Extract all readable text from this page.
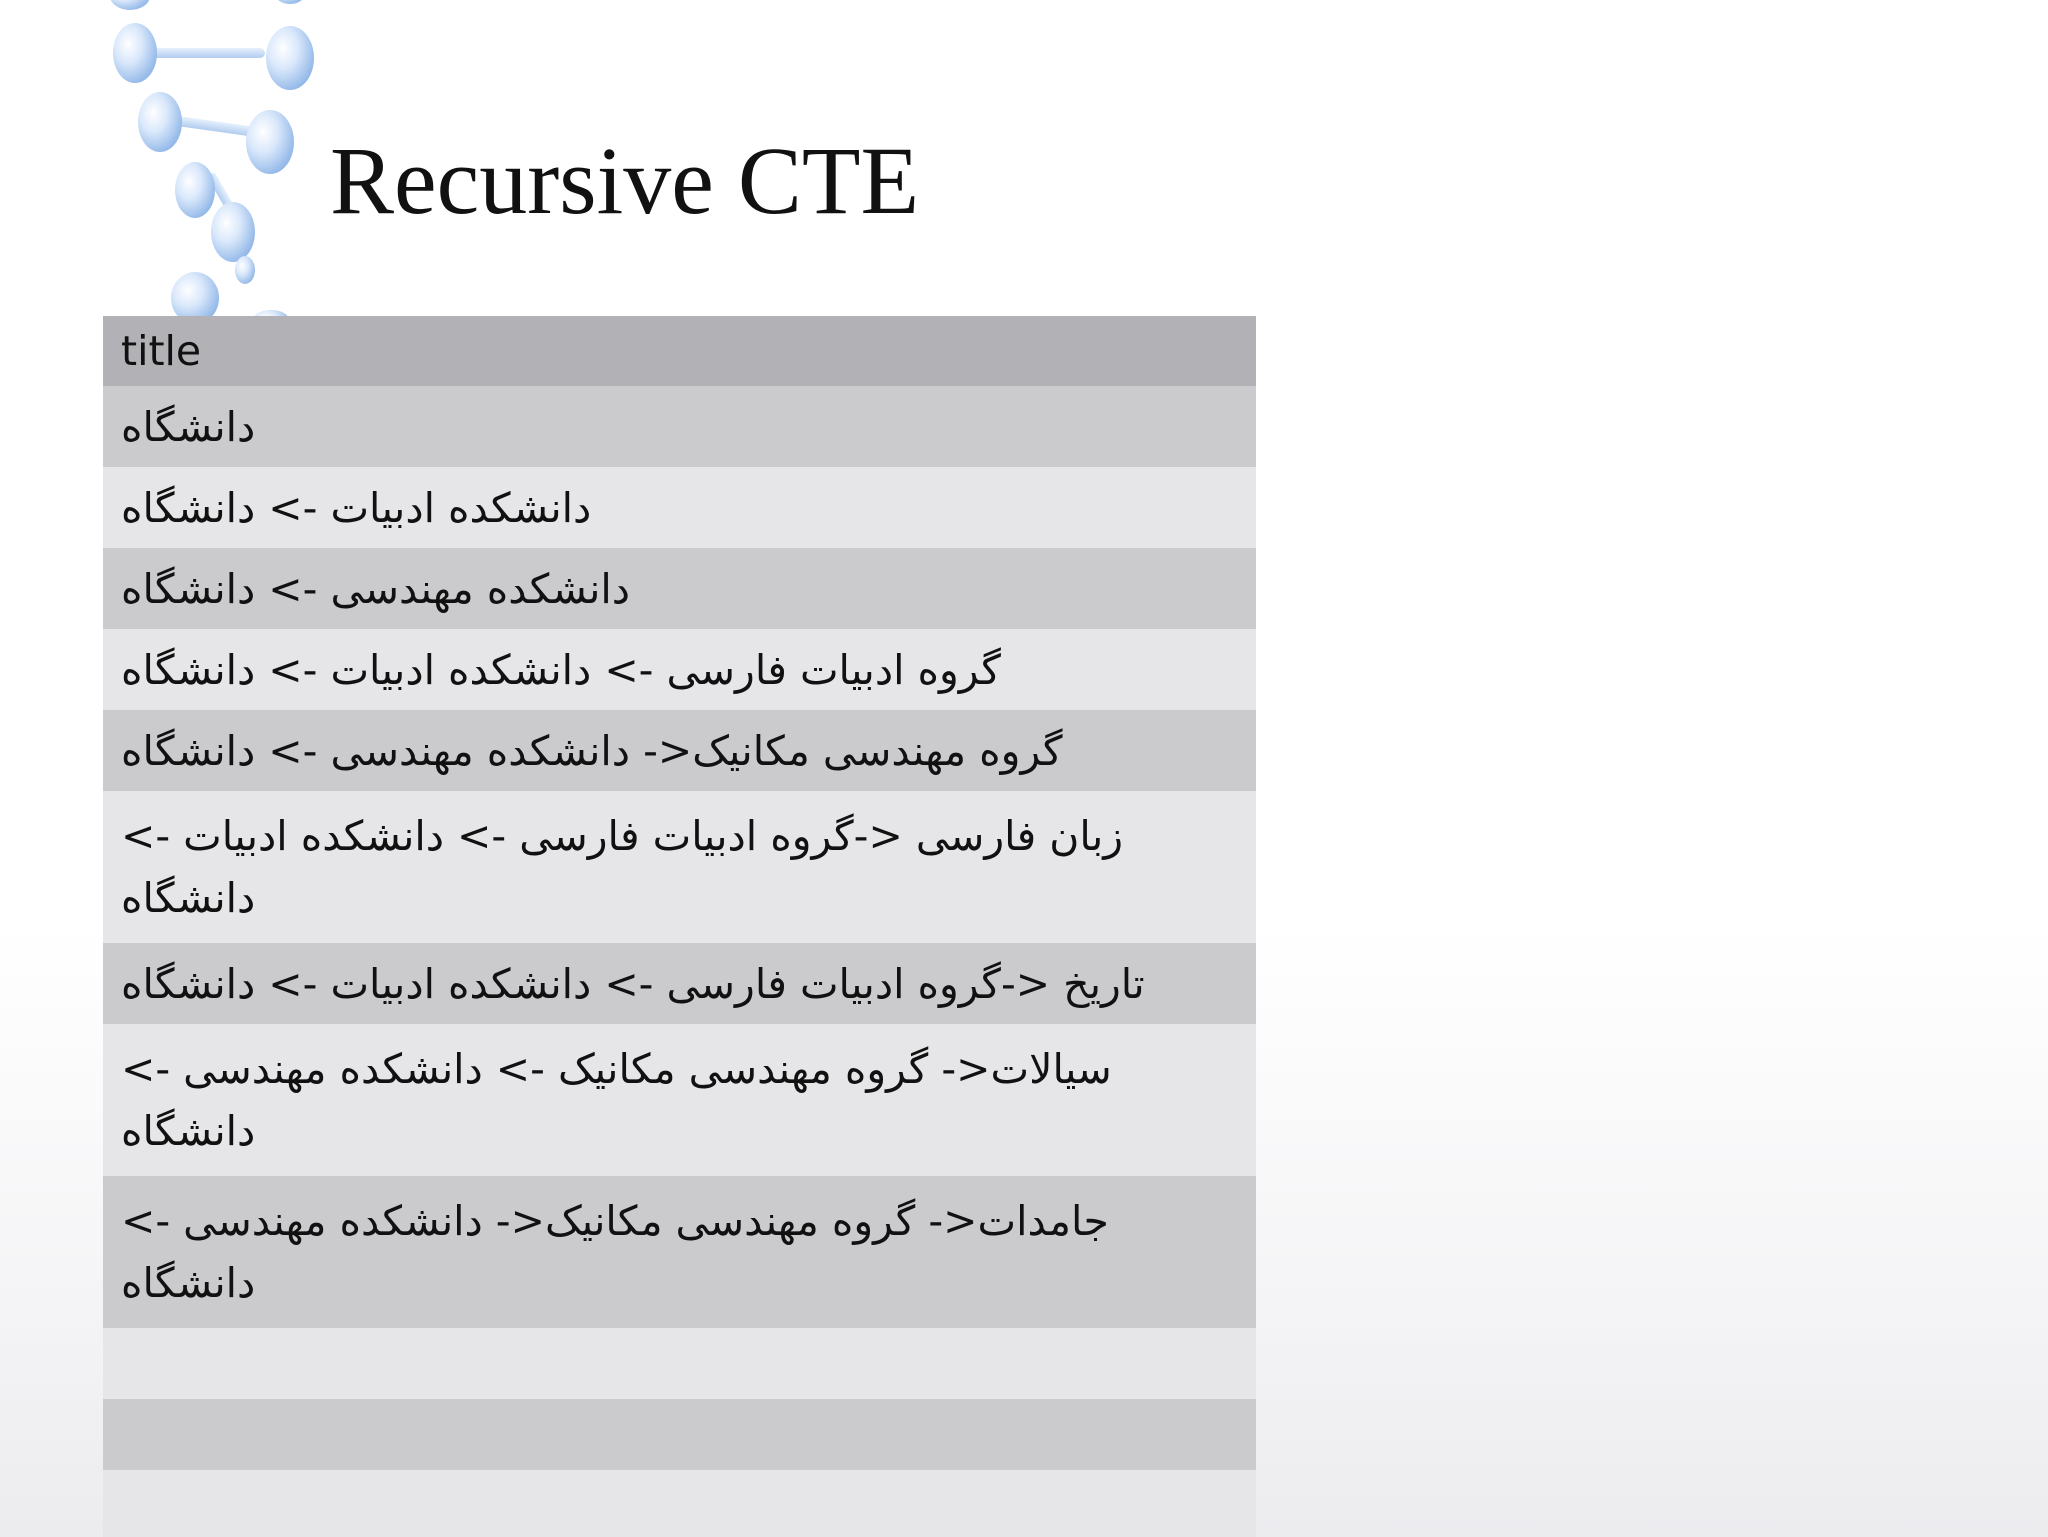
Recursive CTE
title

دانشگاه

دانشکده ادبیات -> دانشگاه

دانشکده مهندسی -> دانشگاه

گروه ادبیات فارسی -> دانشکده ادبیات -> دانشگاه

گروه مهندسی مکانیک<- دانشکده مهندسی -> دانشگاه

زبان فارسی <-گروه ادبیات فارسی -> دانشکده ادبیات -> دانشگاه

تاریخ <-گروه ادبیات فارسی -> دانشکده ادبیات -> دانشگاه

سیالات<- گروه مهندسی مکانیک -> دانشکده مهندسی -> دانشگاه

جامدات<- گروه مهندسی مکانیک<- دانشکده مهندسی -> دانشگاه
